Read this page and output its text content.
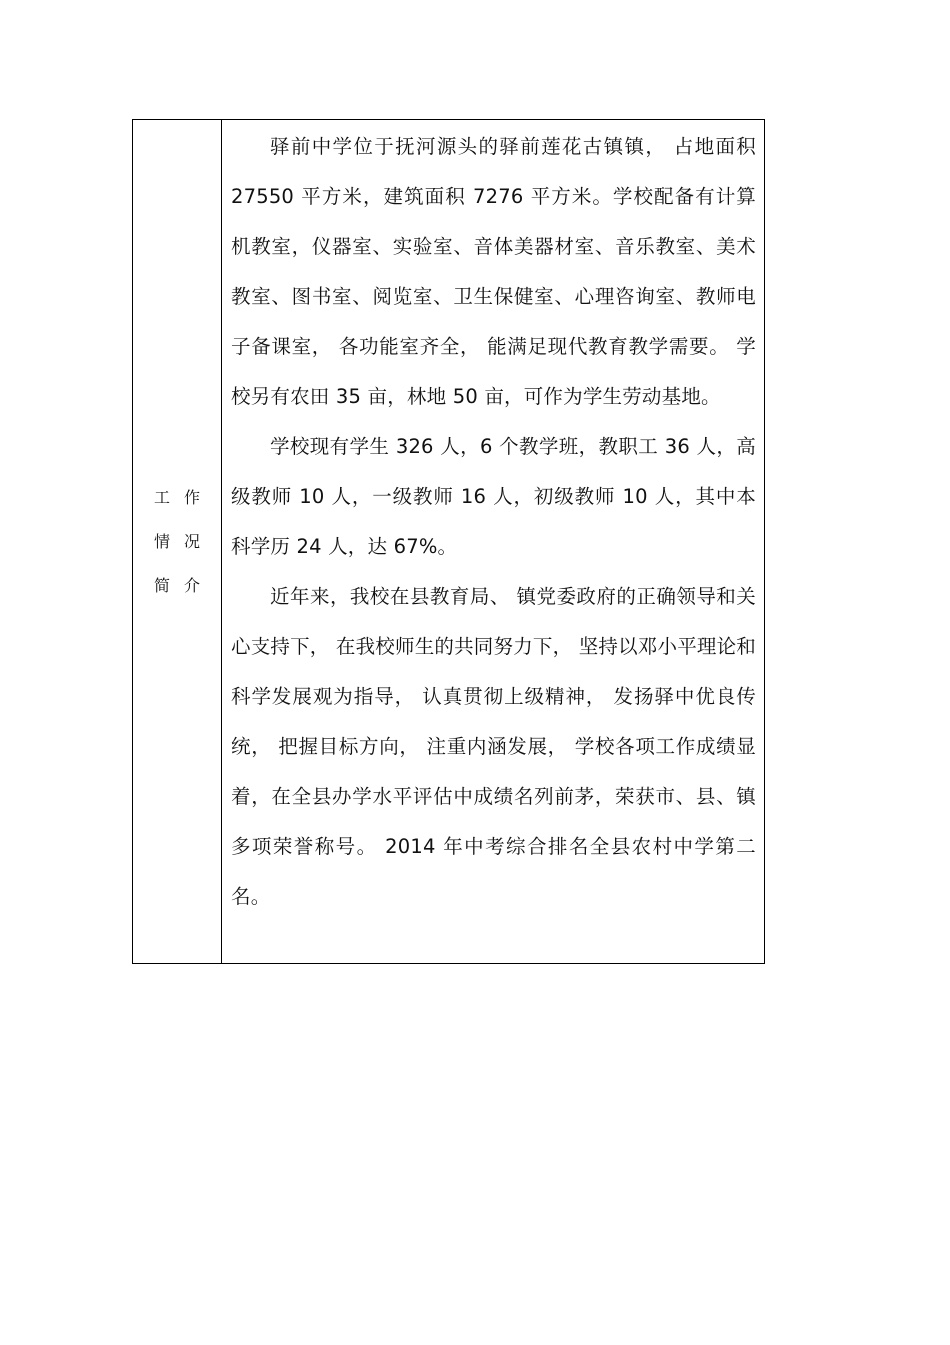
工作
情况
简介

驿前中学位于抚河源头的驿前莲花古镇镇， 占地面积 27550 平方米，建筑面积 7276 平方米。学校配备有计算机教室，仪器室、实验室、音体美器材室、音乐教室、美术教室、图书室、阅览室、卫生保健室、心理咨询室、教师电子备课室， 各功能室齐全， 能满足现代教育教学需要。 学校另有农田 35 亩，林地 50 亩，可作为学生劳动基地。

学校现有学生 326 人，6 个教学班，教职工 36 人，高级教师 10 人，一级教师 16 人，初级教师 10 人，其中本科学历 24 人，达 67%。

近年来，我校在县教育局、 镇党委政府的正确领导和关心支持下， 在我校师生的共同努力下， 坚持以邓小平理论和科学发展观为指导， 认真贯彻上级精神， 发扬驿中优良传统， 把握目标方向， 注重内涵发展， 学校各项工作成绩显着，在全县办学水平评估中成绩名列前茅，荣获市、县、镇多项荣誉称号。 2014 年中考综合排名全县农村中学第二名。
